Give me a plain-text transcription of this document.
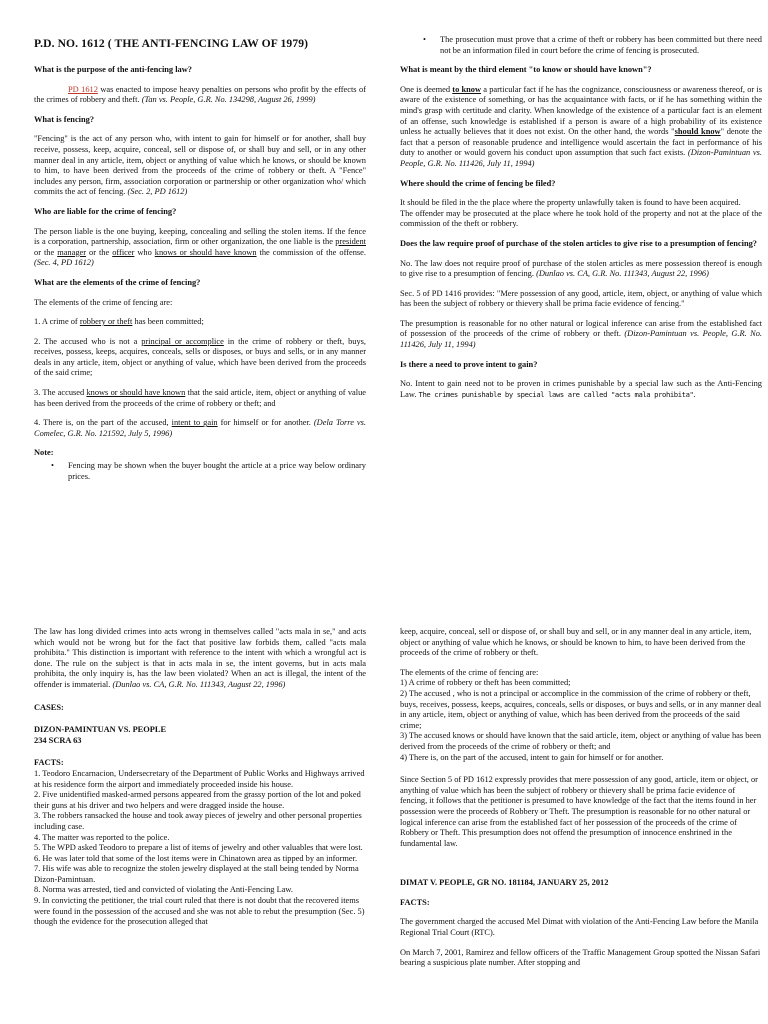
P.D. NO. 1612 ( THE ANTI-FENCING LAW OF 1979)
What is the purpose of the anti-fencing law?

PD 1612 was enacted to impose heavy penalties on persons who profit by the effects of the crimes of robbery and theft. (Tan vs. People, G.R. No. 134298, August 26, 1999)

What is fencing?

"Fencing" is the act of any person who, with intent to gain for himself or for another, shall buy receive, possess, keep, acquire, conceal, sell or dispose of, or shall buy and sell, or in any other manner deal in any article, item, object or anything of value which he knows, or should be known to him, to have been derived from the proceeds of the crime of robbery or theft. A "Fence" includes any person, firm, association corporation or partnership or other organization who/ which commits the act of fencing. (Sec. 2, PD 1612)

Who are liable for the crime of fencing?

The person liable is the one buying, keeping, concealing and selling the stolen items. If the fence is a corporation, partnership, association, firm or other organization, the one liable is the president or the manager or the officer who knows or should have known the commission of the offense. (Sec. 4, PD 1612)

What are the elements of the crime of fencing?

The elements of the crime of fencing are:

1. A crime of robbery or theft has been committed;

2. The accused who is not a principal or accomplice in the crime of robbery or theft, buys, receives, possess, keeps, acquires, conceals, sells or disposes, or buys and sells, or in any manner deals in any article, item, object or anything of value, which have been derived from the proceeds of the said crime;

3. The accused knows or should have known that the said article, item, object or anything of value has been derived from the proceeds of the crime of robbery or theft; and

4. There is, on the part of the accused, intent to gain for himself or for another. (Dela Torre vs. Comelec, G.R. No. 121592, July 5, 1996)

Note:
• Fencing may be shown when the buyer bought the article at a price way below ordinary prices.
• The prosecution must prove that a crime of theft or robbery has been committed but there need not be an information filed in court before the crime of fencing is prosecuted.
What is meant by the third element "to know or should have known"?

One is deemed to know a particular fact if he has the cognizance, consciousness or awareness thereof, or is aware of the existence of something, or has the acquaintance with facts, or if he has something within the mind's grasp with certitude and clarity. When knowledge of the existence of a particular fact is an element of an offense, such knowledge is established if a person is aware of a high probability of its existence unless he actually believes that it does not exist. On the other hand, the words "should know" denote the fact that a person of reasonable prudence and intelligence would ascertain the fact in performance of his duty to another or would govern his conduct upon assumption that such fact exists. (Dizon-Pamintuan vs. People, G.R. No. 111426, July 11, 1994)

Where should the crime of fencing be filed?

It should be filed in the the place where the property unlawfully taken is found to have been acquired.

The offender may be prosecuted at the place where he took hold of the property and not at the place of the commission of the theft or robbery.

Does the law require proof of purchase of the stolen articles to give rise to a presumption of fencing?

No. The law does not require proof of purchase of the stolen articles as mere possession thereof is enough to give rise to a presumption of fencing. (Dunlao vs. CA, G.R. No. 111343, August 22, 1996)

Sec. 5 of PD 1416 provides: "Mere possession of any good, article, item, object, or anything of value which has been the subject of robbery or thievery shall be prima facie evidence of fencing."

The presumption is reasonable for no other natural or logical inference can arise from the established fact of possession of the proceeds of the crime of robbery or theft. (Dizon-Pamintuan vs. People, G.R. No. 111426, July 11, 1994)

Is there a need to prove intent to gain?

No. Intent to gain need not to be proven in crimes punishable by a special law such as the Anti-Fencing Law. The crimes punishable by special laws are called "acts mala prohibita".

The law has long divided crimes into acts wrong in themselves called "acts mala in se," and acts which would not be wrong but for the fact that positive law forbids them, called "acts mala prohibita." This distinction is important with reference to the intent with which a wrongful act is done. The rule on the subject is that in acts mala in se, the intent governs, but in acts mala prohibita, the only inquiry is, has the law been violated? When an act is illegal, the intent of the offender is immaterial. (Dunlao vs. CA, G.R. No. 111343, August 22, 1996)

CASES:

DIZON-PAMINTUAN VS. PEOPLE

234 SCRA 63

FACTS:

1. Teodoro Encarnacion, Undersecretary of the Department of Public Works and Highways arrived at his residence form the airport and immediately proceeded inside his house.

2. Five unidentified masked-armed persons appeared from the grassy portion of the lot and poked their guns at his driver and two helpers and were dragged inside the house.

3. The robbers ransacked the house and took away pieces of jewelry and other personal properties including case.

4. The matter was reported to the police.

5. The WPD asked Teodoro to prepare a list of items of jewelry and other valuables that were lost.

6. He was later told that some of the lost items were in Chinatown area as tipped by an informer.

7. His wife was able to recognize the stolen jewelry displayed at the stall being tended by Norma Dizon-Pamintuan.

8. Norma was arrested, tied and convicted of violating the Anti-Fencing Law.

9. In convicting the petitioner, the trial court ruled that there is not doubt that the recovered items were found in the possession of the accused and she was not able to rebut the presumption (Sec. 5) though the evidence for the prosecution alleged that

keep, acquire, conceal, sell or dispose of, or shall buy and sell, or in any manner deal in any article, item, object or anything of value which he knows, or should be known to him, to have been derived from the proceeds of the crime of robbery or theft.

The elements of the crime of fencing are:

1) A crime of robbery or theft has been committed;

2) The accused , who is not a principal or accomplice in the commission of the crime of robbery or theft, buys, receives, possess, keeps, acquires, conceals, sells or disposes, or buys and sells, or in any manner deal in any article, item, object or anything of value, which has been derived from the proceeds of the said crime;

3) The accused knows or should have known that the said article, item, object or anything of value has been derived from the proceeds of the crime of robbery or theft; and

4) There is, on the part of the accused, intent to gain for himself or for another.

Since Section 5 of PD 1612 expressly provides that mere possession of any good, article, item or object, or anything of value which has been the subject of robbery or thievery shall be prima facie evidence of fencing, it follows that the petitioner is presumed to have knowledge of the fact that the items found in her possession were the proceeds of Robbery or Theft. The presumption is reasonable for no other natural or logical inference can arise from the established fact of her possession of the proceeds of the crime of Robbery or Theft. This presumption does not offend the presumption of innocence enshrined in the fundamental law.

DIMAT V. PEOPLE, GR NO. 181184, JANUARY 25, 2012
FACTS:

The government charged the accused Mel Dimat with violation of the Anti-Fencing Law before the Manila Regional Trial Court (RTC).

On March 7, 2001, Ramirez and fellow officers of the Traffic Management Group spotted the Nissan Safari bearing a suspicious plate number. After stopping and
